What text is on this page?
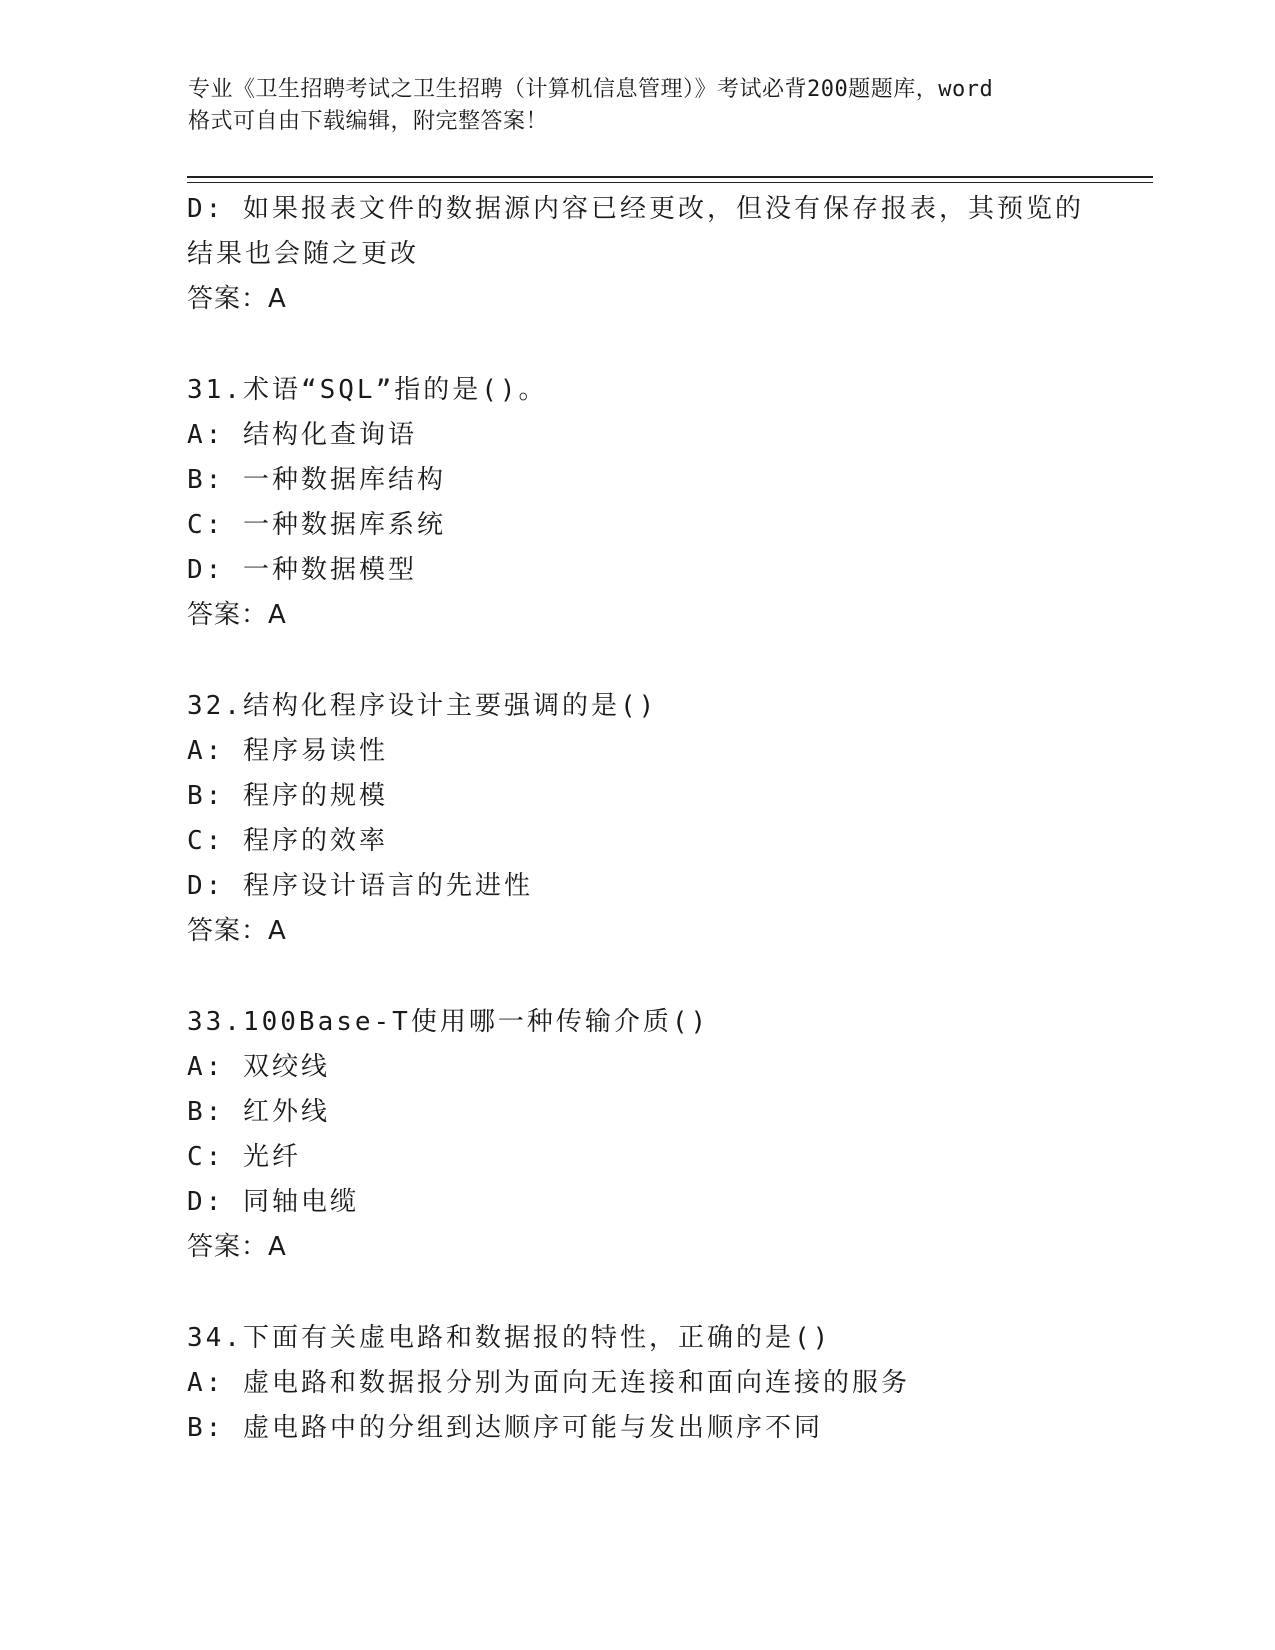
专业《卫生招聘考试之卫生招聘（计算机信息管理）》考试必背200题题库，word
格式可自由下载编辑，附完整答案！

D: 如果报表文件的数据源内容已经更改，但没有保存报表，其预览的

结果也会随之更改

答案：A

31.术语“SQL”指的是()。

A: 结构化查询语

B: 一种数据库结构

C: 一种数据库系统

D: 一种数据模型

答案：A

32.结构化程序设计主要强调的是()

A: 程序易读性

B: 程序的规模

C: 程序的效率

D: 程序设计语言的先进性

答案：A

33.100Base-T使用哪一种传输介质()

A: 双绞线

B: 红外线

C: 光纤

D: 同轴电缆

答案：A

34.下面有关虚电路和数据报的特性，正确的是()

A: 虚电路和数据报分别为面向无连接和面向连接的服务

B: 虚电路中的分组到达顺序可能与发出顺序不同
